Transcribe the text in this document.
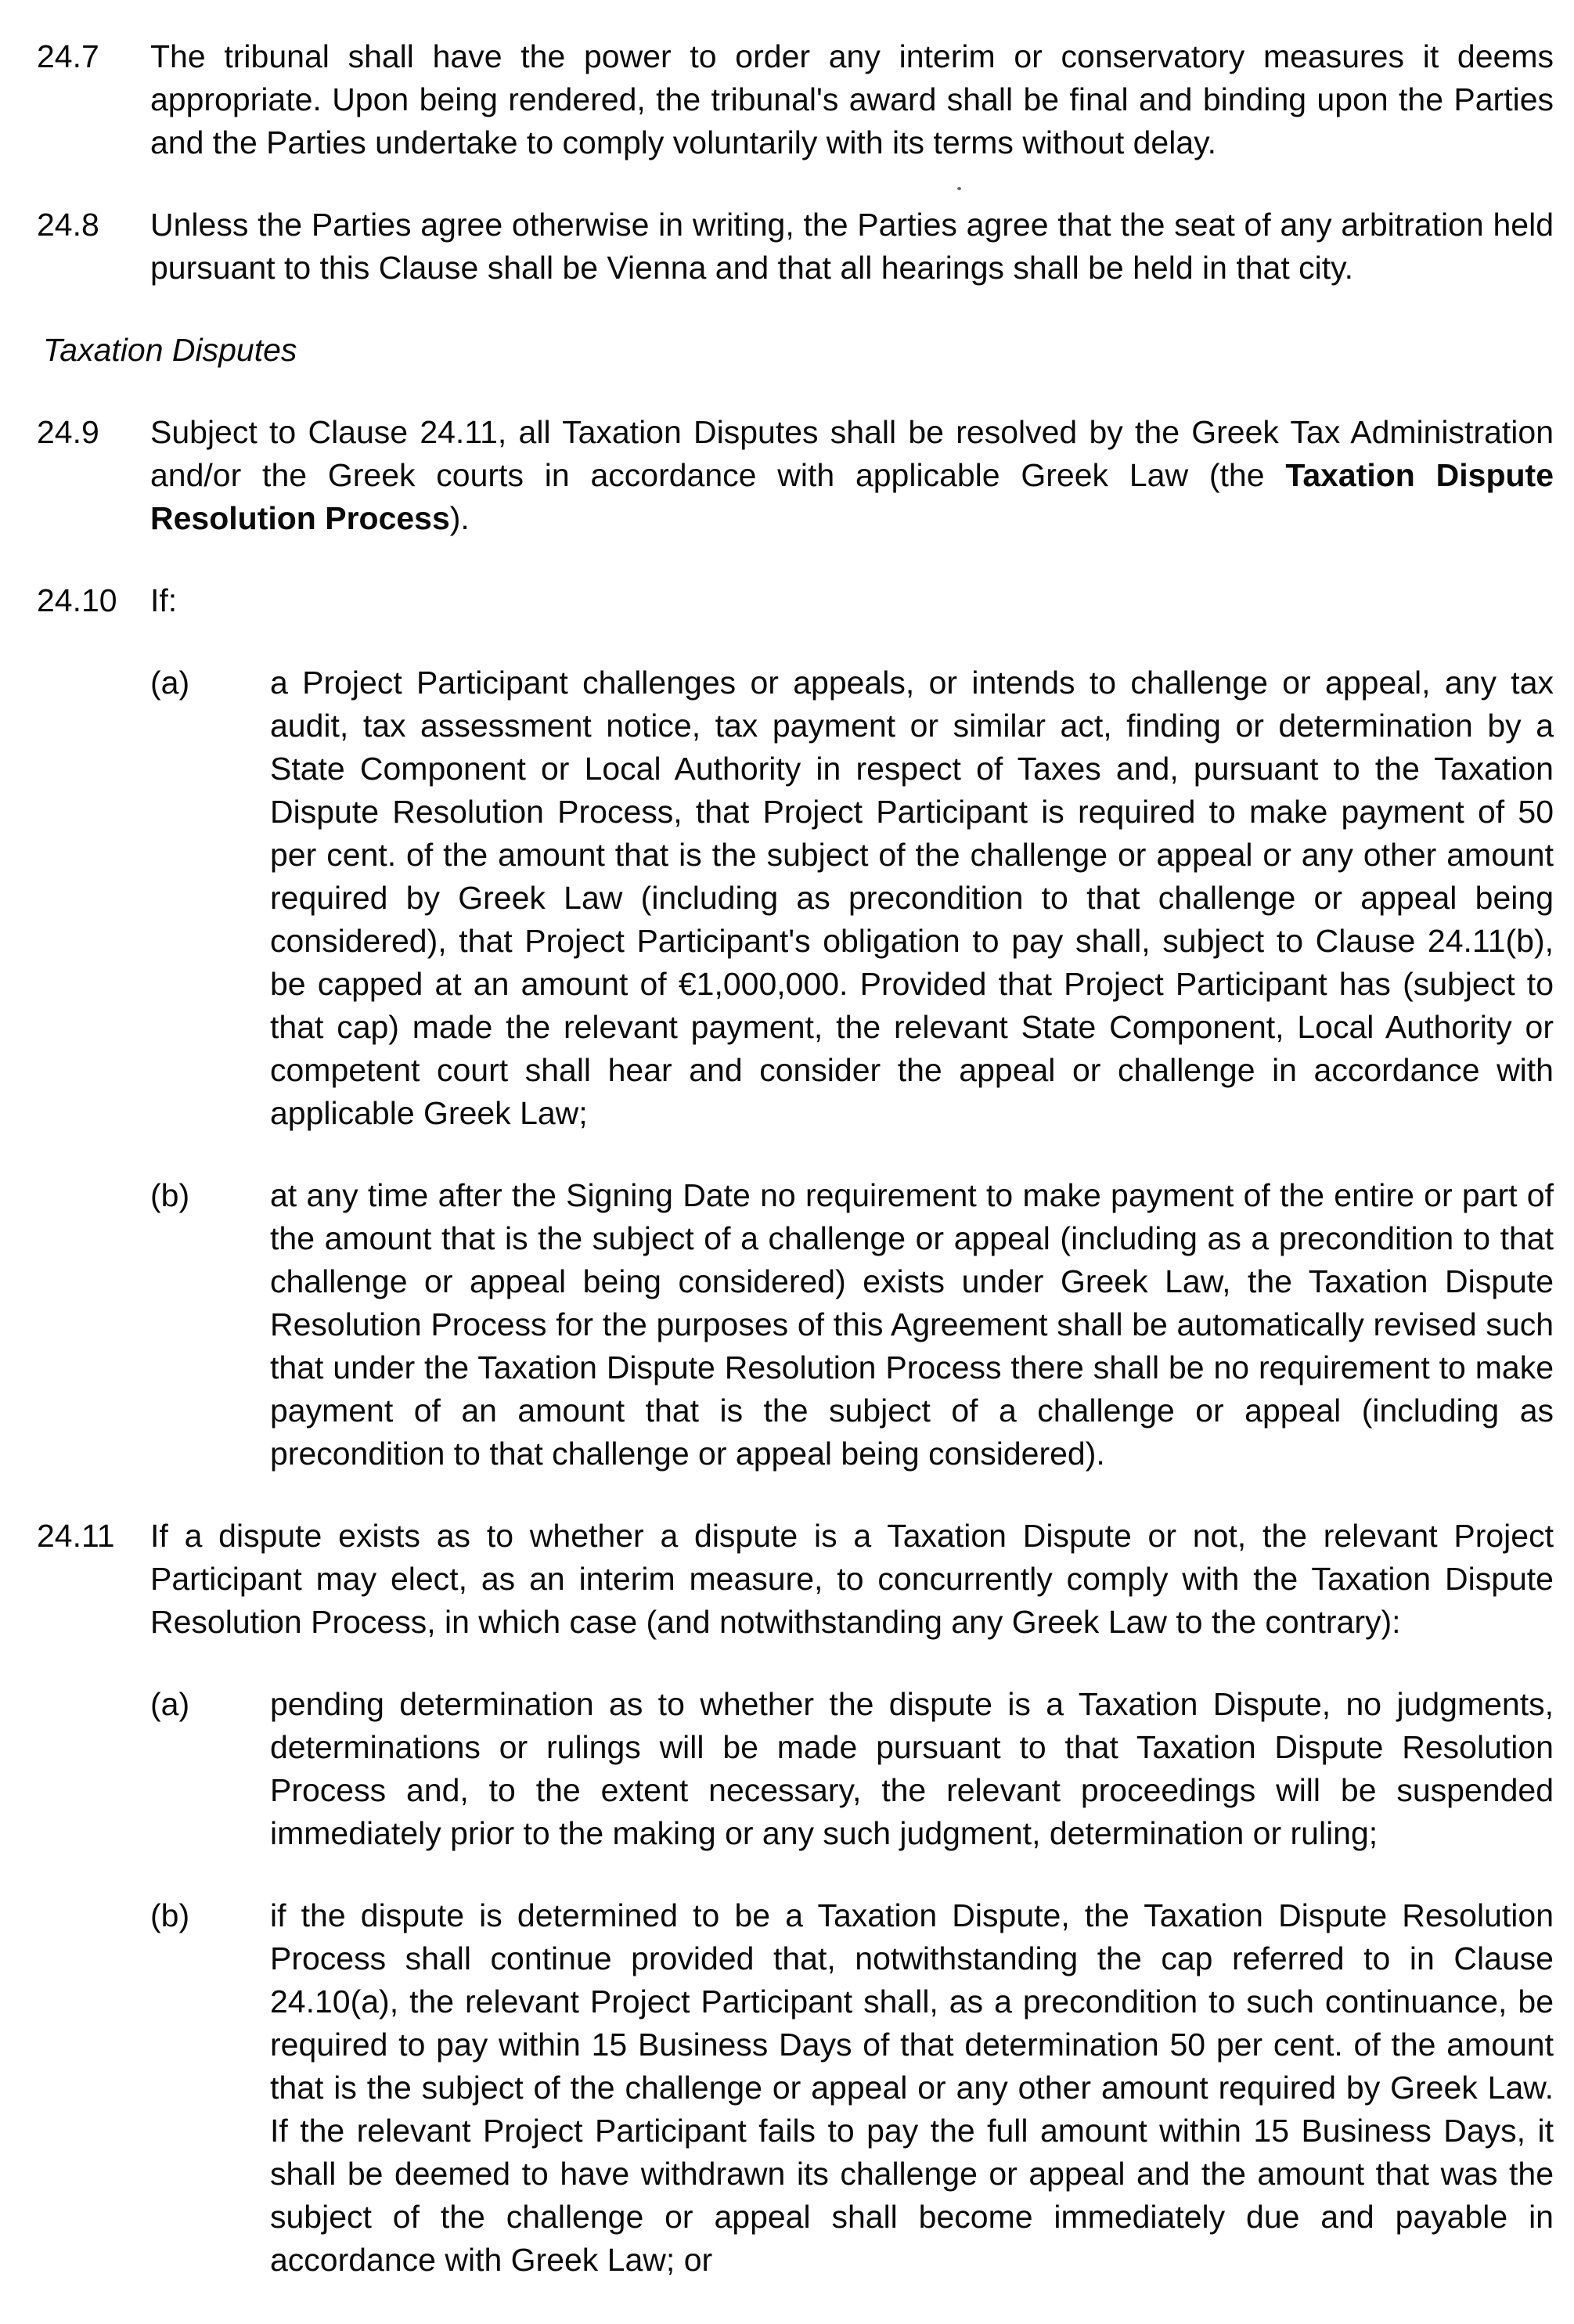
24.7	The tribunal shall have the power to order any interim or conservatory measures it deems appropriate. Upon being rendered, the tribunal's award shall be final and binding upon the Parties and the Parties undertake to comply voluntarily with its terms without delay.
24.8	Unless the Parties agree otherwise in writing, the Parties agree that the seat of any arbitration held pursuant to this Clause shall be Vienna and that all hearings shall be held in that city.
Taxation Disputes
24.9	Subject to Clause 24.11, all Taxation Disputes shall be resolved by the Greek Tax Administration and/or the Greek courts in accordance with applicable Greek Law (the Taxation Dispute Resolution Process).
24.10	If:
(a)	a Project Participant challenges or appeals, or intends to challenge or appeal, any tax audit, tax assessment notice, tax payment or similar act, finding or determination by a State Component or Local Authority in respect of Taxes and, pursuant to the Taxation Dispute Resolution Process, that Project Participant is required to make payment of 50 per cent. of the amount that is the subject of the challenge or appeal or any other amount required by Greek Law (including as precondition to that challenge or appeal being considered), that Project Participant's obligation to pay shall, subject to Clause 24.11(b), be capped at an amount of €1,000,000. Provided that Project Participant has (subject to that cap) made the relevant payment, the relevant State Component, Local Authority or competent court shall hear and consider the appeal or challenge in accordance with applicable Greek Law;
(b)	at any time after the Signing Date no requirement to make payment of the entire or part of the amount that is the subject of a challenge or appeal (including as a precondition to that challenge or appeal being considered) exists under Greek Law, the Taxation Dispute Resolution Process for the purposes of this Agreement shall be automatically revised such that under the Taxation Dispute Resolution Process there shall be no requirement to make payment of an amount that is the subject of a challenge or appeal (including as precondition to that challenge or appeal being considered).
24.11	If a dispute exists as to whether a dispute is a Taxation Dispute or not, the relevant Project Participant may elect, as an interim measure, to concurrently comply with the Taxation Dispute Resolution Process, in which case (and notwithstanding any Greek Law to the contrary):
(a)	pending determination as to whether the dispute is a Taxation Dispute, no judgments, determinations or rulings will be made pursuant to that Taxation Dispute Resolution Process and, to the extent necessary, the relevant proceedings will be suspended immediately prior to the making or any such judgment, determination or ruling;
(b)	if the dispute is determined to be a Taxation Dispute, the Taxation Dispute Resolution Process shall continue provided that, notwithstanding the cap referred to in Clause 24.10(a), the relevant Project Participant shall, as a precondition to such continuance, be required to pay within 15 Business Days of that determination 50 per cent. of the amount that is the subject of the challenge or appeal or any other amount required by Greek Law. If the relevant Project Participant fails to pay the full amount within 15 Business Days, it shall be deemed to have withdrawn its challenge or appeal and the amount that was the subject of the challenge or appeal shall become immediately due and payable in accordance with Greek Law; or
